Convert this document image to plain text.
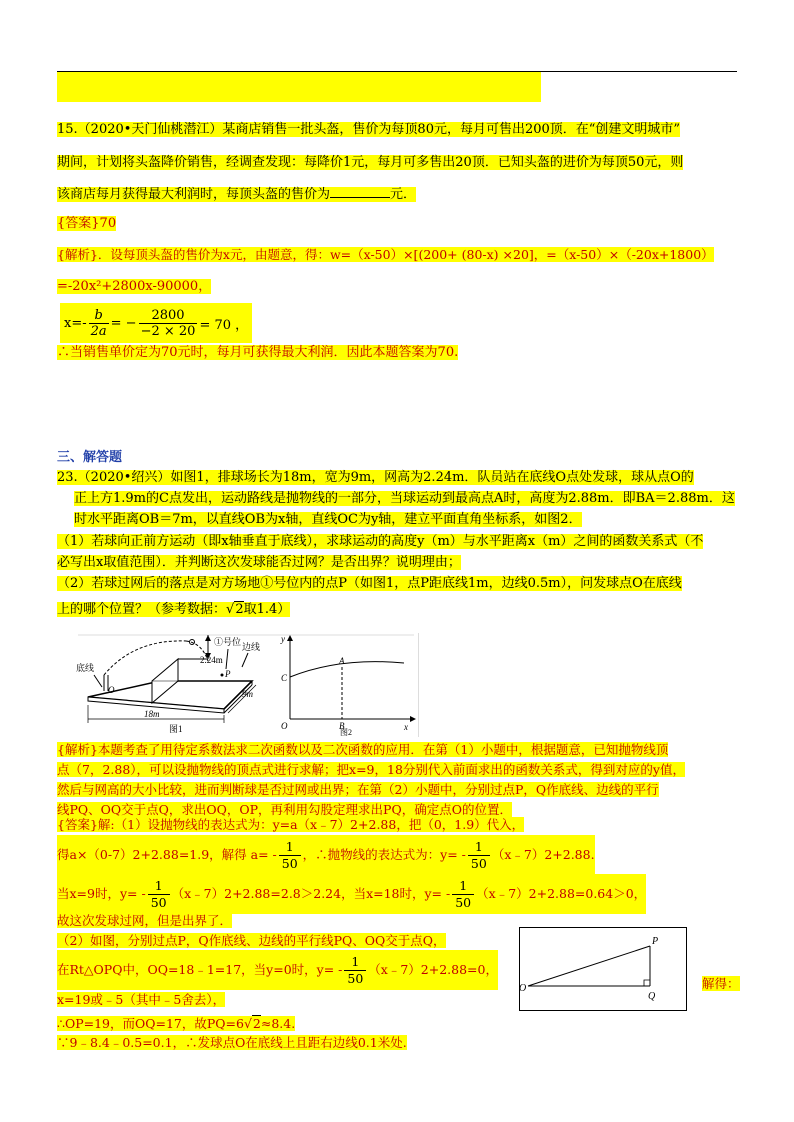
15.（2020•天门仙桃潜江）某商店销售一批头盔，售价为每顶80元，每月可售出200顶．在“创建文明城市”
期间，计划将头盔降价销售，经调查发现：每降价1元，每月可多售出20顶．已知头盔的进价为每顶50元，则
该商店每月获得最大利润时，每顶头盔的售价为	元．
{答案}70
{解析}．设每顶头盔的售价为x元，由题意，得：w=（x-50）×[(200+ (80-x) ×20]，=（x-50）×（-20x+1800）
=-20x²+2800x-90000，
$x=- \frac{b}{2a}$ = − $\frac{2800}{-2 \times 20} = 70$ ，
∴当销售单价定为70元时，每月可获得最大利润．因此本题答案为70.
三、解答题
23.（2020•绍兴）如图1，排球场长为18m，宽为9m，网高为2.24m．队员站在底线O点处发球，球从点O的
正上方1.9m的C点发出，运动路线是抛物线的一部分，当球运动到最高点A时，高度为2.88m．即BA＝2.88m．这
时水平距离OB＝7m，以直线OB为x轴，直线OC为y轴，建立平面直角坐标系，如图2．
（1）若球向正前方运动（即x轴垂直于底线），求球运动的高度y（m）与水平距离x（m）之间的函数关系式（不
必写出x取值范围）．并判断这次发球能否过网？是否出界？说明理由；
（2）若球过网后的落点是对方场地①号位内的点P（如图1，点P距底线1m，边线0.5m），问发球点O在底线
上的哪个位置？（参考数据：√2取1.4）
2.24m
①号位 边线
底线
O
P
18m
9m
图1
y
x
C
A
O	B
图2
{解析}本题考查了用待定系数法求二次函数以及二次函数的应用．在第（1）小题中，根据题意，已知抛物线顶
点（7，2.88），可以设抛物线的顶点式进行求解；把x=9，18分别代入前面求出的函数关系式，得到对应的y值，
然后与网高的大小比较，进而判断球是否过网或出界；在第（2）小题中，分别过点P，Q作底线、边线的平行
线PQ、OQ交于点Q，求出OQ，OP，再利用勾股定理求出PQ，确定点O的位置．
{答案}解:（1）设抛物线的表达式为：y=a（x﹣7）2+2.88，把（0，1.9）代入，
得a×（0-7）2+2.88=1.9，解得 a= -
1
50
，∴抛物线的表达式为：y= -
1
50
（x﹣7）2+2.88.
当x=9时，y= -
1
50
（x﹣7）2+2.88=2.8＞2.24，当x=18时，y= -
1
50
（x﹣7）2+2.88=0.64＞0，
故这次发球过网，但是出界了．
（2）如图，分别过点P，Q作底线、边线的平行线PQ、OQ交于点Q，
在Rt△OPQ中，OQ=18﹣1=17，当y=0时，y= -
1
50
（x﹣7）2+2.88=0，
解得：
P
O
Q
x=19或﹣5（其中﹣5舍去），
∴OP=19，而OQ=17，故PQ=6√2≈8.4.
∵9﹣8.4﹣0.5=0.1，∴发球点O在底线上且距右边线0.1米处.
